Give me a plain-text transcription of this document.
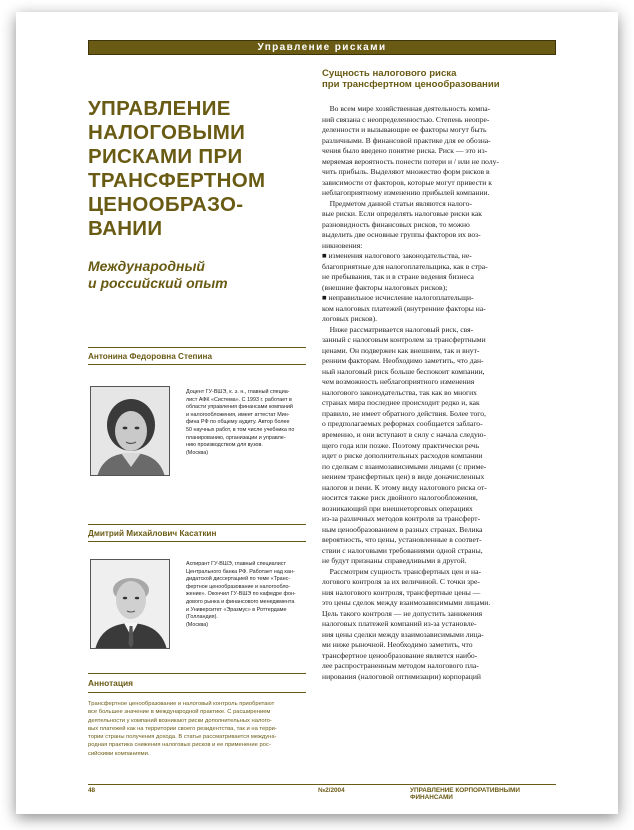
Управление рисками
УПРАВЛЕНИЕ
НАЛОГОВЫМИ
РИСКАМИ ПРИ
ТРАНСФЕРТНОМ
ЦЕНООБРАЗО-
ВАНИИ
Международный
и российский опыт
Антонина Федоровна Степина
Доцент ГУ-ВШЭ, к. э. н., главный специа-
лист АФК «Система». С 1993 г. работает в
области управления финансами компаний
и налогообложения, имеет аттестат Мин-
фина РФ по общему аудиту. Автор более
50 научных работ, в том числе учебника по
планированию, организации и управле-
нию производством для вузов.
(Москва)
Дмитрий Михайлович Касаткин
Аспирант ГУ-ВШЭ, главный специалист
Центрального банка РФ. Работает над кан-
дидатской диссертацией по теме «Транс-
фертное ценообразование и налогообло-
жение». Окончил ГУ-ВШЭ по кафедре фон-
дового рынка и финансового менеджмента
и Университет «Эразмус» в Роттердаме
(Голландия).
(Москва)
Аннотация
Трансфертное ценообразование и налоговый контроль приобретают
все большее значение в международной практике. С расширением
деятельности у компаний возникают риски дополнительных налого-
вых платежей как на территории своего резидентства, так и на терри-
тории страны получения дохода. В статье рассматривается междуна-
родная практика снижения налоговых рисков и ее применение рос-
сийскими компаниями.
Сущность налогового риска
при трансфертном ценообразовании
Во всем мире хозяйственная деятельность компа-
ний связана с неопределенностью. Степень неопре-
деленности и вызывающие ее факторы могут быть
различными. В финансовой практике для ее обозна-
чения было введено понятие риска. Риск — это из-
меряемая вероятность понести потери и / или не полу-
чить прибыль. Выделяют множество форм рисков в
зависимости от факторов, которые могут привести к
неблагоприятному изменению прибылей компании.
Предметом данной статьи являются налого-
вые риски. Если определять налоговые риски как
разновидность финансовых рисков, то можно
выделить две основные группы факторов их воз-
никновения:
■ изменения налогового законодательства, не-
благоприятные для налогоплательщика, как в стра-
не пребывания, так и в стране ведения бизнеса
(внешние факторы налоговых рисков);
■ неправильное исчисление налогоплательщи-
ком налоговых платежей (внутренние факторы на-
логовых рисков).
Ниже рассматривается налоговый риск, свя-
занный с налоговым контролем за трансфертными
ценами. Он подвержен как внешним, так и внут-
ренним факторам. Необходимо заметить, что дан-
ный налоговый риск больше беспокоит компании,
чем возможность неблагоприятного изменения
налогового законодательства, так как во многих
странах мира последнее происходит редко и, как
правило, не имеет обратного действия. Более того,
о предполагаемых реформах сообщается заблаго-
временно, и они вступают в силу с начала следую-
щего года или позже. Поэтому практически речь
идет о риске дополнительных расходов компании
по сделкам с взаимозависимыми лицами (с приме-
нением трансфертных цен) в виде доначисленных
налогов и пени. К этому виду налогового риска от-
носится также риск двойного налогообложения,
возникающий при внешнеторговых операциях
из-за различных методов контроля за трансферт-
ным ценообразованием в разных странах. Велика
вероятность, что цены, установленные в соответ-
ствии с налоговыми требованиями одной страны,
не будут признаны справедливыми в другой.
Рассмотрим сущность трансфертных цен и на-
логового контроля за их величиной. С точки зре-
ния налогового контроля, трансфертные цены —
это цены сделок между взаимозависимыми лицами.
Цель такого контроля — не допустить занижения
налоговых платежей компаний из-за установле-
ния цены сделки между взаимозависимыми лица-
ми ниже рыночной. Необходимо заметить, что
трансфертное ценообразование является наибо-
лее распространенным методом налогового пла-
нирования (налоговой оптимизации) корпораций
48	№2/2004	УПРАВЛЕНИЕ КОРПОРАТИВНЫМИ ФИНАНСАМИ
